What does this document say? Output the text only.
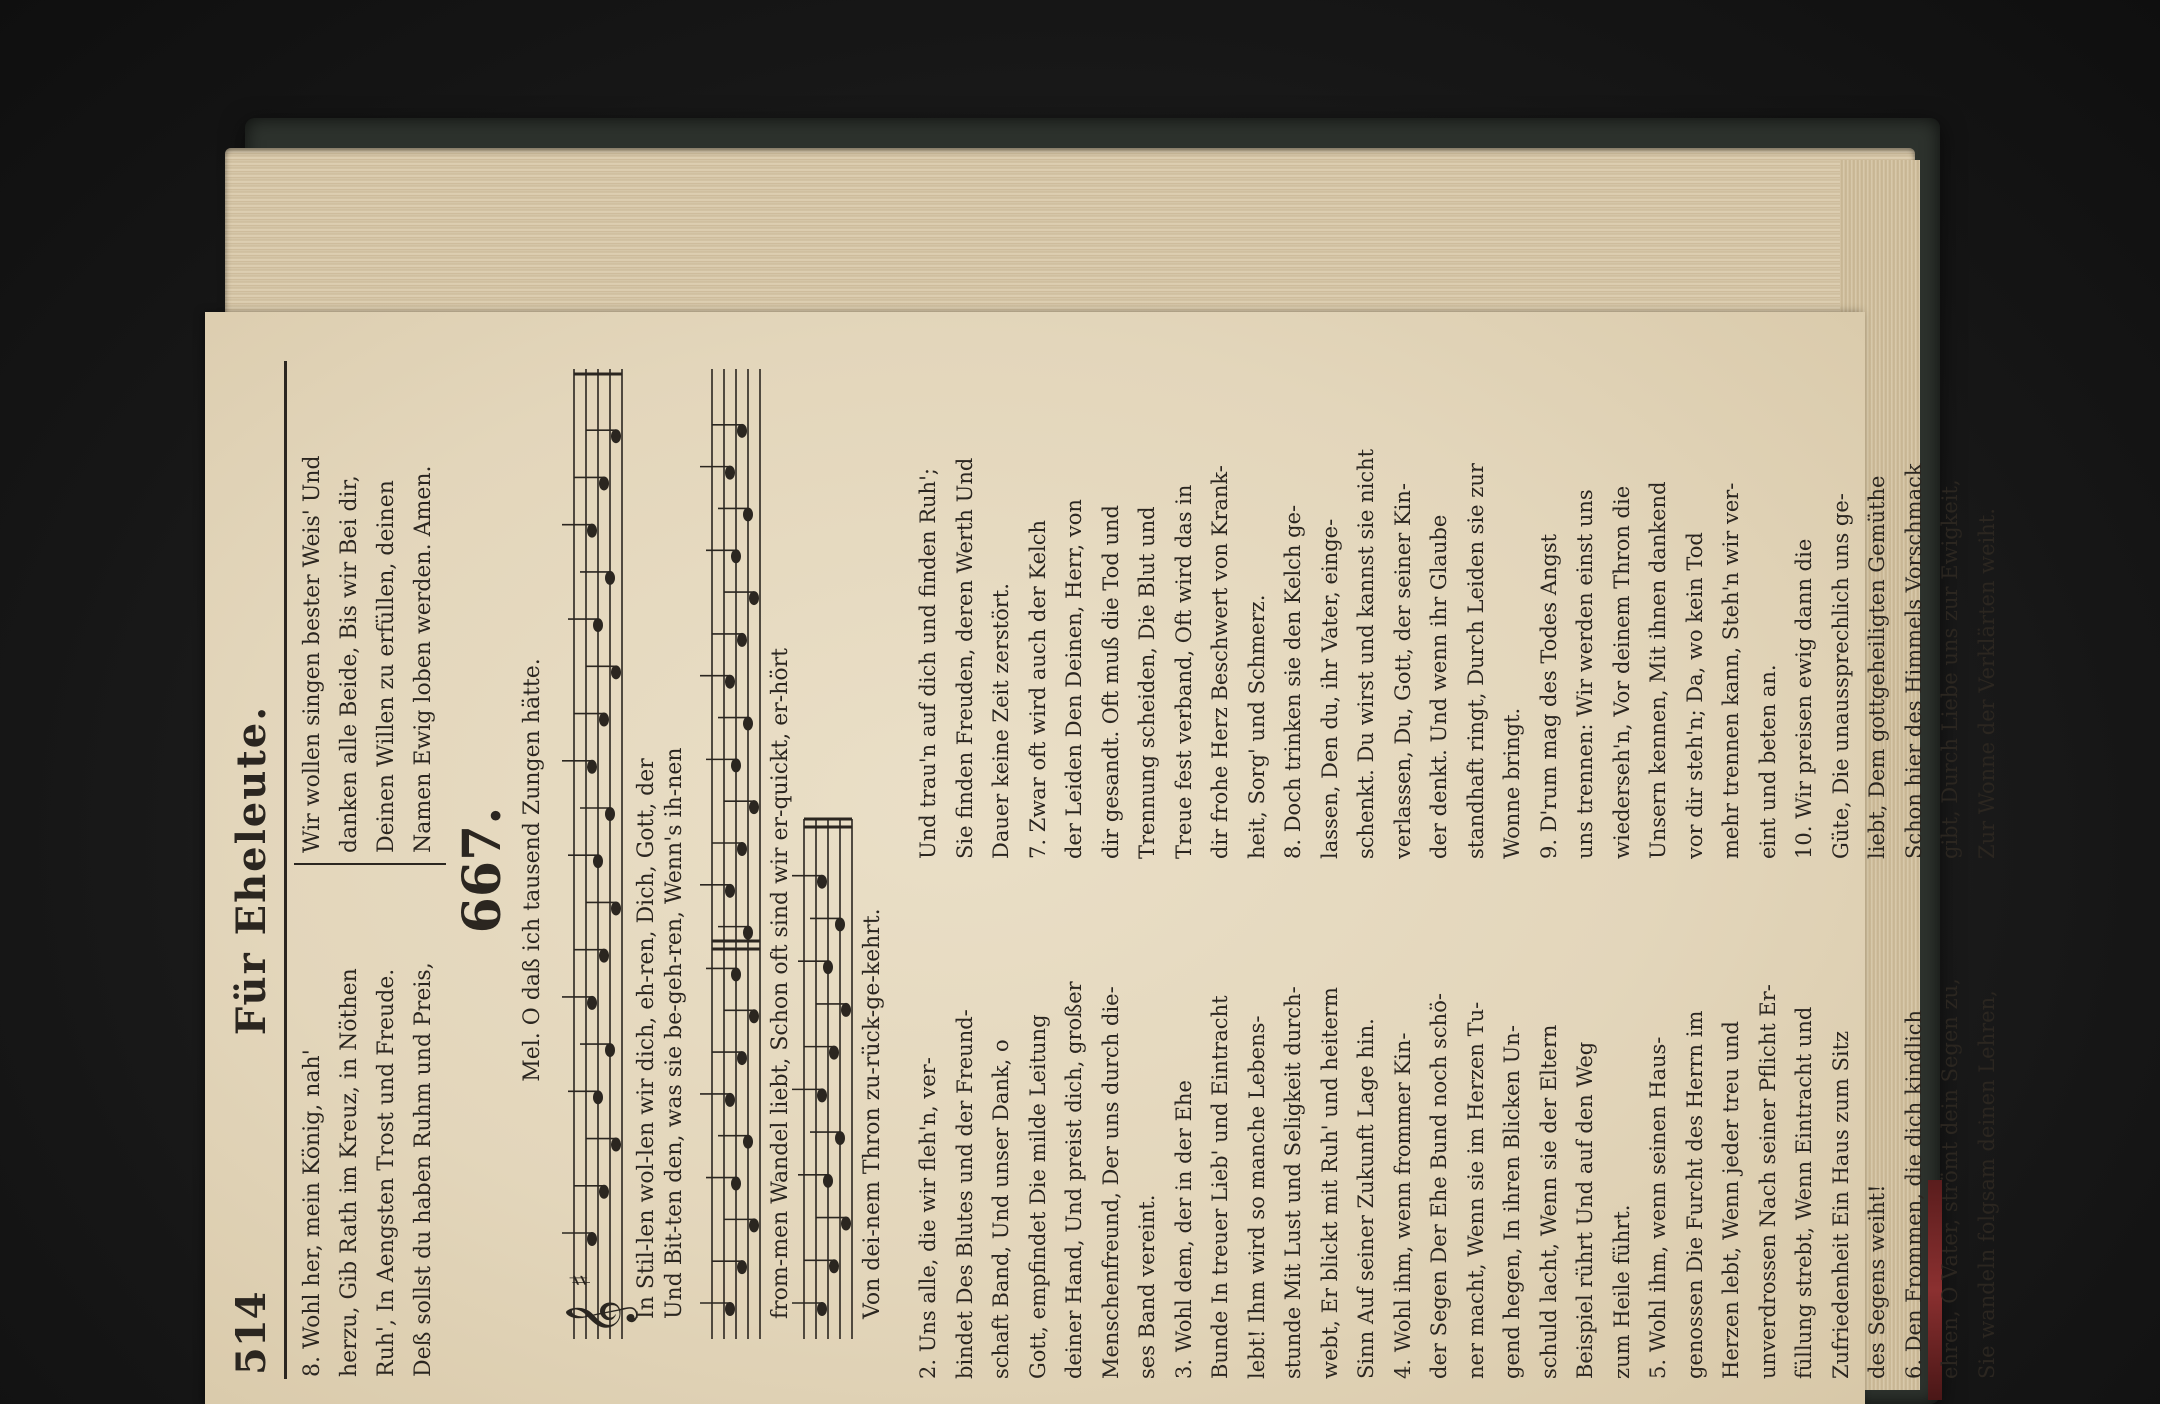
514
Für Eheleute.
8. Wohl her, mein König, nah' herzu, Gib Rath im Kreuz, in Nöthen Ruh', In Aengsten Trost und Freude. Deß sollst du haben Ruhm und Preis,
Wir wollen singen bester Weis' Und danken alle Beide, Bis wir Bei dir, Deinen Willen zu erfüllen, deinen Namen Ewig loben werden. Amen.
667. Mel. O daß ich tausend Zungen hätte.
𝄞
♯ In Stil-len wol-len wir dich, eh-ren, Dich, Gott, der Und Bit-ten den, was sie be-geh-ren, Wenn's ih-nen	from-men Wandel liebt, Schon oft sind wir er-quickt, er-hört	Von dei-nem Thron zu-rück-ge-kehrt. 2. Uns alle, die wir fleh'n, ver- bindet Des Blutes und der Freund- schaft Band, Und unser Dank, o Gott, empfindet Die milde Leitung deiner Hand, Und preist dich, großer Menschenfreund, Der uns durch die- ses Band vereint. 3. Wohl dem, der in der Ehe Bunde In treuer Lieb' und Eintracht lebt! Ihm wird so manche Lebens- stunde Mit Lust und Seligkeit durch- webt, Er blickt mit Ruh' und heiterm Sinn Auf seiner Zukunft Lage hin. 4. Wohl ihm, wenn frommer Kin- der Segen Der Ehe Bund noch schö- ner macht, Wenn sie im Herzen Tu- gend hegen, In ihren Blicken Un- schuld lacht, Wenn sie der Eltern Beispiel rührt Und auf den Weg zum Heile führt. 5. Wohl ihm, wenn seinen Haus- genossen Die Furcht des Herrn im Herzen lebt, Wenn jeder treu und unverdrossen Nach seiner Pflicht Er- füllung strebt, Wenn Eintracht und Zufriedenheit Ein Haus zum Sitz des Segens weiht! 6. Den Frommen, die dich kindlich ehren, O Vater, strömt dein Segen zu, Sie wandeln folgsam deinen Lehren,
Und trau'n auf dich und finden Ruh'; Sie finden Freuden, deren Werth Und Dauer keine Zeit zerstört. 7. Zwar oft wird auch der Kelch der Leiden Den Deinen, Herr, von dir gesandt. Oft muß die Tod und Trennung scheiden, Die Blut und Treue fest verband, Oft wird das in dir frohe Herz Beschwert von Krank- heit, Sorg' und Schmerz. 8. Doch trinken sie den Kelch ge- lassen, Den du, ihr Vater, einge- schenkt. Du wirst und kannst sie nicht verlassen, Du, Gott, der seiner Kin- der denkt. Und wenn ihr Glaube standhaft ringt, Durch Leiden sie zur Wonne bringt. 9. D'rum mag des Todes Angst uns trennen: Wir werden einst uns wiederseh'n, Vor deinem Thron die Unsern kennen, Mit ihnen dankend vor dir steh'n; Da, wo kein Tod mehr trennen kann, Steh'n wir ver- eint und beten an. 10. Wir preisen ewig dann die Güte, Die unaussprechlich uns ge- liebt, Dem gottgeheiligten Gemüthe Schon hier des Himmels Vorschmack gibt, Durch Liebe uns zur Ewigkeit, Zur Wonne der Verklärten weiht.
